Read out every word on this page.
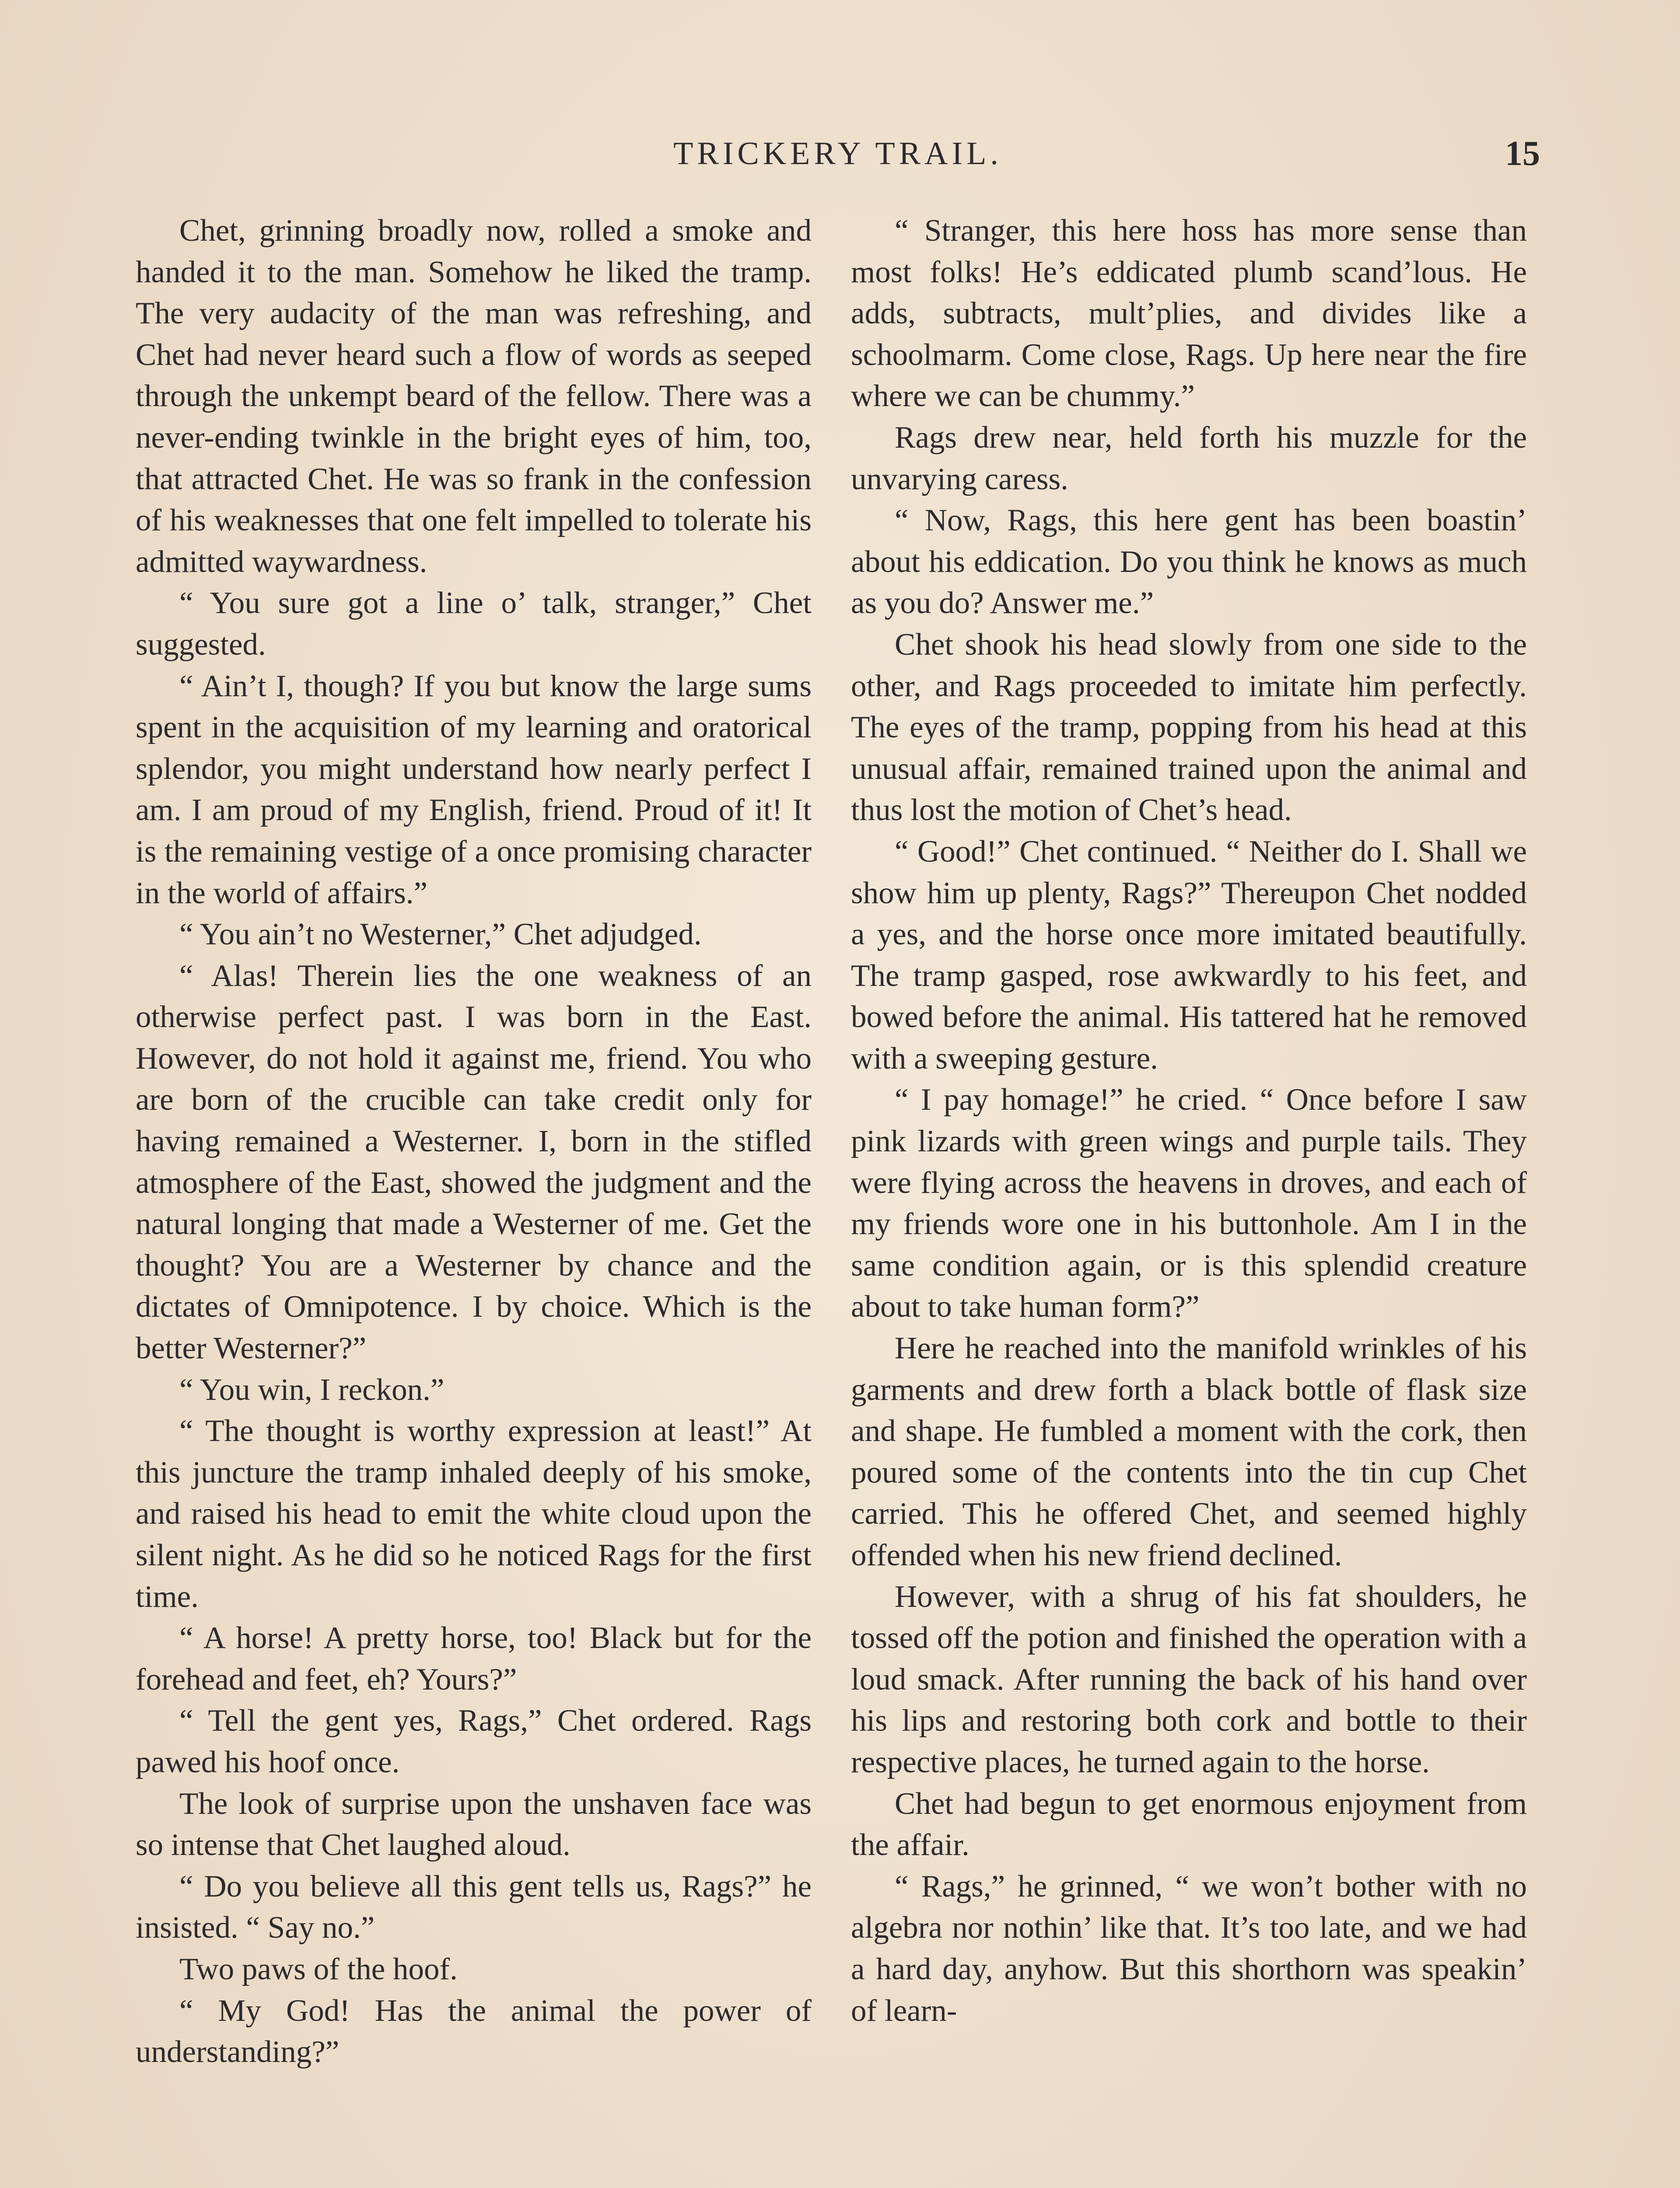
TRICKERY TRAIL.	15

Chet, grinning broadly now, rolled a smoke and handed it to the man. Somehow he liked the tramp. The very audacity of the man was refreshing, and Chet had never heard such a flow of words as seeped through the unkempt beard of the fellow. There was a never-ending twinkle in the bright eyes of him, too, that attracted Chet. He was so frank in the confession of his weaknesses that one felt impelled to tolerate his admitted waywardness.

“ You sure got a line o’ talk, stranger,” Chet suggested.

“ Ain’t I, though? If you but know the large sums spent in the acquisition of my learning and oratorical splendor, you might understand how nearly perfect I am. I am proud of my English, friend. Proud of it! It is the remaining vestige of a once promising character in the world of affairs.”

“ You ain’t no Westerner,” Chet adjudged.

“ Alas! Therein lies the one weakness of an otherwise perfect past. I was born in the East. However, do not hold it against me, friend. You who are born of the crucible can take credit only for having remained a Westerner. I, born in the stifled atmosphere of the East, showed the judgment and the natural longing that made a Westerner of me. Get the thought? You are a Westerner by chance and the dictates of Omnipotence. I by choice. Which is the better Westerner?”

“ You win, I reckon.”

“ The thought is worthy expression at least!” At this juncture the tramp inhaled deeply of his smoke, and raised his head to emit the white cloud upon the silent night. As he did so he noticed Rags for the first time.

“ A horse! A pretty horse, too! Black but for the forehead and feet, eh? Yours?”

“ Tell the gent yes, Rags,” Chet ordered. Rags pawed his hoof once.

The look of surprise upon the unshaven face was so intense that Chet laughed aloud.

“ Do you believe all this gent tells us, Rags?” he insisted. “ Say no.”

Two paws of the hoof.

“ My God! Has the animal the power of understanding?”

“ Stranger, this here hoss has more sense than most folks! He’s eddicated plumb scand’lous. He adds, subtracts, mult’plies, and divides like a schoolmarm. Come close, Rags. Up here near the fire where we can be chummy.”

Rags drew near, held forth his muzzle for the unvarying caress.

“ Now, Rags, this here gent has been boastin’ about his eddication. Do you think he knows as much as you do? Answer me.”

Chet shook his head slowly from one side to the other, and Rags proceeded to imitate him perfectly. The eyes of the tramp, popping from his head at this unusual affair, remained trained upon the animal and thus lost the motion of Chet’s head.

“ Good!” Chet continued. “ Neither do I. Shall we show him up plenty, Rags?” Thereupon Chet nodded a yes, and the horse once more imitated beautifully. The tramp gasped, rose awkwardly to his feet, and bowed before the animal. His tattered hat he removed with a sweeping gesture.

“ I pay homage!” he cried. “ Once before I saw pink lizards with green wings and purple tails. They were flying across the heavens in droves, and each of my friends wore one in his buttonhole. Am I in the same condition again, or is this splendid creature about to take human form?”

Here he reached into the manifold wrinkles of his garments and drew forth a black bottle of flask size and shape. He fumbled a moment with the cork, then poured some of the contents into the tin cup Chet carried. This he offered Chet, and seemed highly offended when his new friend declined.

However, with a shrug of his fat shoulders, he tossed off the potion and finished the operation with a loud smack. After running the back of his hand over his lips and restoring both cork and bottle to their respective places, he turned again to the horse.

Chet had begun to get enormous enjoyment from the affair.

“ Rags,” he grinned, “ we won’t bother with no algebra nor nothin’ like that. It’s too late, and we had a hard day, anyhow. But this shorthorn was speakin’ of learn-
